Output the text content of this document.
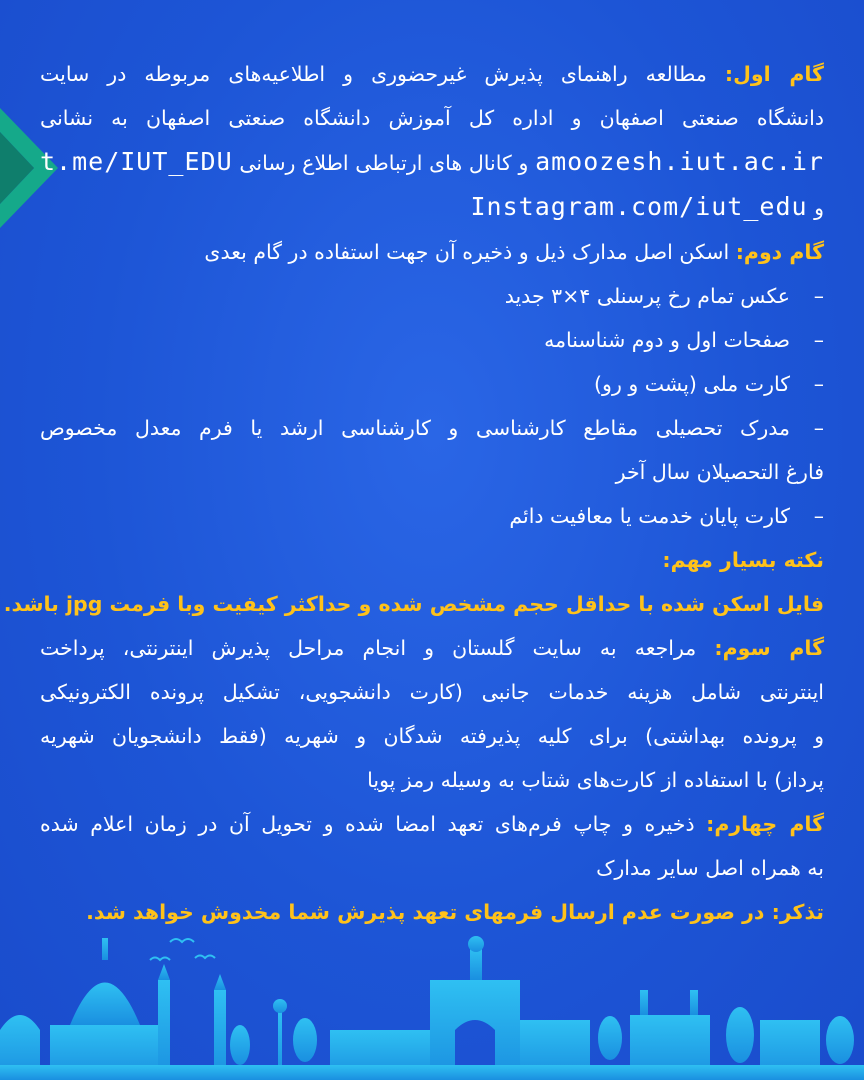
گام اول: مطالعه راهنمای پذیرش غیرحضوری و اطلاعیه‌های مربوطه در سایت

دانشگاه صنعتی اصفهان و اداره کل آموزش دانشگاه صنعتی اصفهان به نشانی

amoozesh.iut.ac.ir و کانال های ارتباطی اطلاع رسانی t.me/IUT_EDU

و Instagram.com/iut_edu

گام دوم: اسکن اصل مدارک ذیل و ذخیره آن جهت استفاده در گام بعدی

–عکس تمام رخ پرسنلی ۴×۳ جدید

–صفحات اول و دوم شناسنامه

–کارت ملی (پشت و رو)

–مدرک تحصیلی مقاطع کارشناسی و کارشناسی ارشد یا فرم معدل مخصوص

فارغ التحصیلان سال آخر

–کارت پایان خدمت یا معافیت دائم

نکته بسیار مهم:

فایل اسکن شده با حداقل حجم مشخص شده و حداکثر کیفیت وبا فرمت jpg باشد.

گام سوم: مراجعه به سایت گلستان و انجام مراحل پذیرش اینترنتی، پرداخت

اینترنتی شامل هزینه خدمات جانبی (کارت دانشجویی، تشکیل پرونده الکترونیکی

و پرونده بهداشتی) برای کلیه پذیرفته شدگان و شهریه (فقط دانشجویان شهریه

پرداز) با استفاده از کارت‌های شتاب به وسیله رمز پویا

گام چهارم: ذخیره و چاپ فرم‌های تعهد امضا شده و تحویل آن در زمان اعلام شده

به همراه اصل سایر مدارک

تذکر: در صورت عدم ارسال فرمهای تعهد پذیرش شما مخدوش خواهد شد.
